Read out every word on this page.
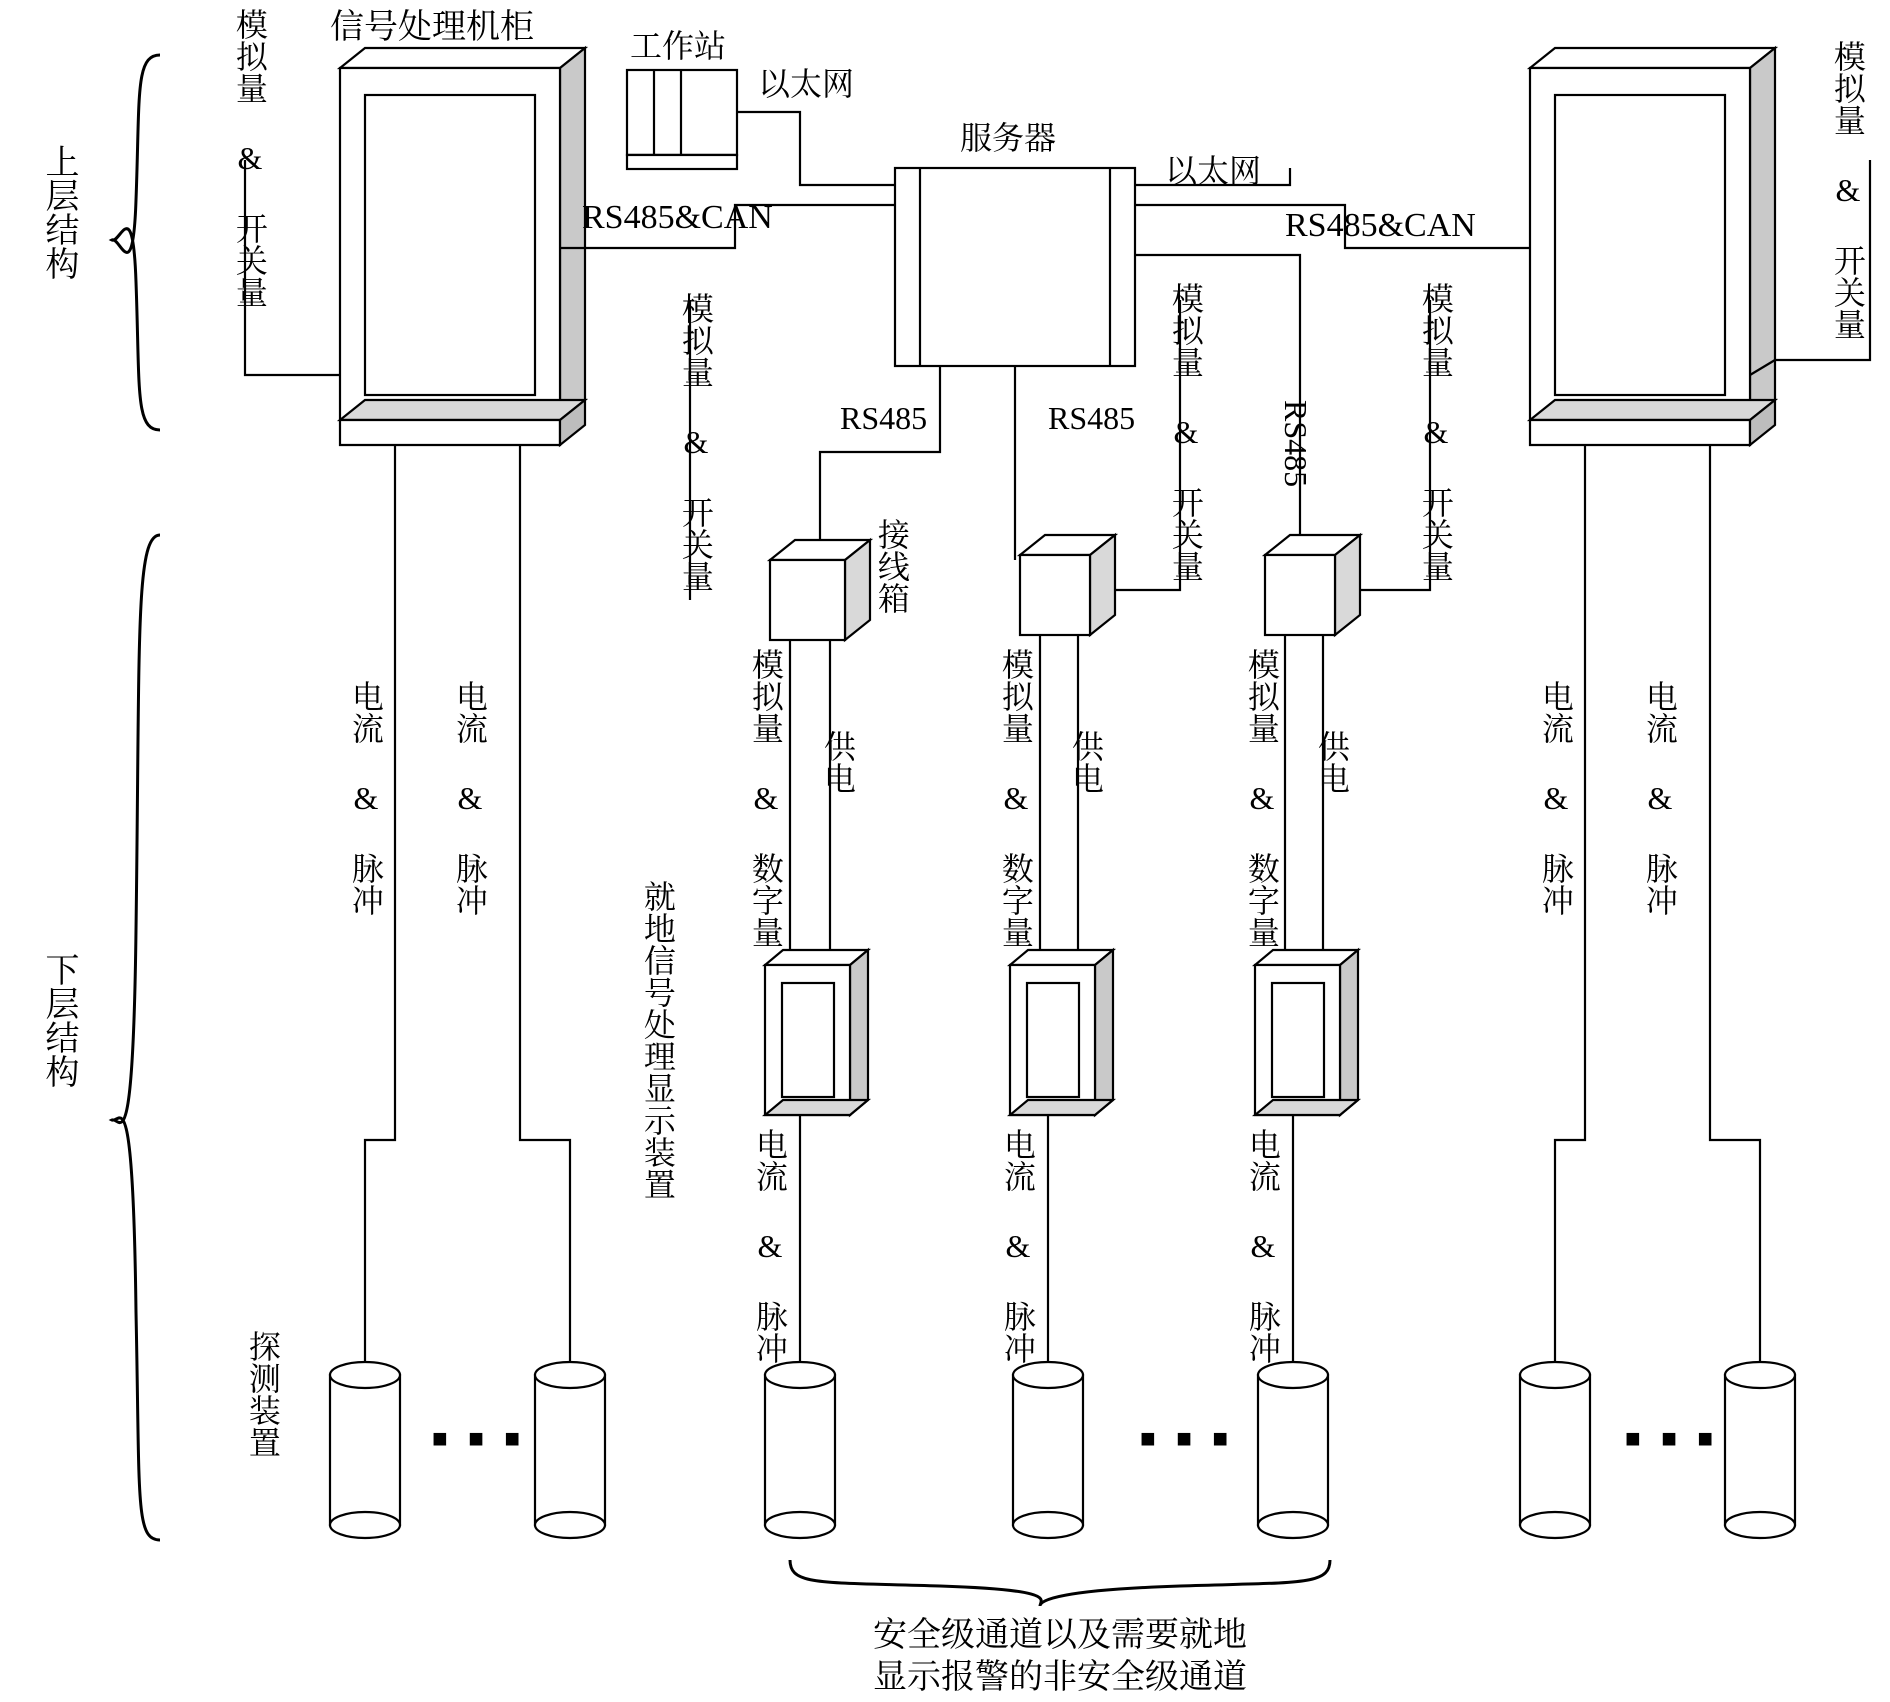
上层结构
下层结构
信号处理机柜	工作站
以太网
服务器
以太网
RS485&CAN	RS485&CAN
模拟量 & 开关量	模拟量 & 开关量
模拟量 & 开关量	模拟量 & 开关量	模拟量 & 开关量
RS485	RS485	RS485
接线箱
模拟量 & 数字量 供电	模拟量 & 数字量 供电	模拟量 & 数字量 供电
就地信号处理显示装置
电流 & 脉冲 电流 & 脉冲
电流 & 脉冲	电流 & 脉冲	电流 & 脉冲
电流 & 脉冲 电流 & 脉冲
探测装置	■ ■ ■	■ ■ ■	■ ■ ■
安全级通道以及需要就地
显示报警的非安全级通道
